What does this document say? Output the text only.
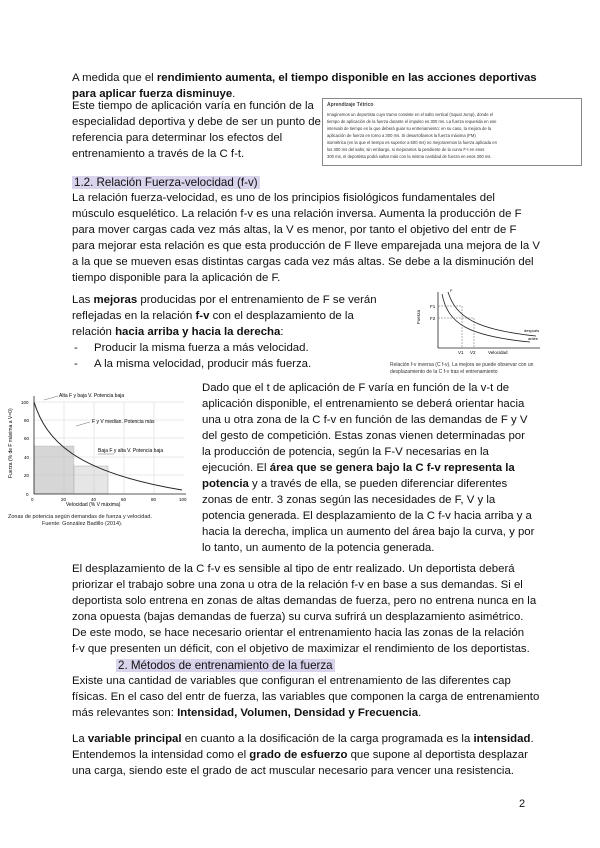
A medida que el rendimiento aumenta, el tiempo disponible en las acciones deportivas
para aplicar fuerza disminuye.
Este tiempo de aplicación varía en función de la
especialidad deportiva y debe de ser un punto de
referencia para determinar los efectos del
entrenamiento a través de la C f-t.
Aprendizaje Tétrico
Imaginemos un deportista cuyo tramo consiste en el salto vertical (Squat Jump), donde el
tiempo de aplicación de la fuerza durante el impulso es 300 ms. La fuerza requerida en ese
intervalo de tiempo es la que deberá guiar su entrenamiento: en su caso, la mejora de la
aplicación de fuerza en torno a 300 ms. Si desarrollamos la fuerza máxima (FM)
isométrica (en la que el tiempo es superior a 500 ms) no mejoraremos la fuerza aplicada en
los 300 ms del salto; sin embargo, si mejoramos la pendiente de la curva F-t en esos
300 ms, el deportista podrá saltar más con la misma cantidad de fuerza en esos 300 ms.
1.2. Relación Fuerza-velocidad (f-v)
La relación fuerza-velocidad, es uno de los principios fisiológicos fundamentales del
músculo esquelético. La relación f-v es una relación inversa. Aumenta la producción de F
para mover cargas cada vez más altas, la V es menor, por tanto el objetivo del entr de F
para mejorar esta relación es que esta producción de F lleve emparejada una mejora de la V
a la que se mueven esas distintas cargas cada vez más altas. Se debe a la disminución del
tiempo disponible para la aplicación de F.
Las mejoras producidas por el entrenamiento de F se verán
reflejadas en la relación f-v con el desplazamiento de la
relación hacia arriba y hacia la derecha:
- Producir la misma fuerza a más velocidad.
- A la misma velocidad, producir más fuerza.
Fuerza
F1
F2
V1 V2	Velocidad
después
antes
F
Relación f-v inversa (C f-v). La mejora se puede observar con un
desplazamiento de la C f-v tras el entrenamiento
Fuerza (% de F máxima a V=0)
Velocidad (% V máxima)
0	20	40	60	80	100
0
20
40
60
80
100
Alta F y baja V. Potencia baja
F y V median. Potencia más
Baja F y alta V. Potencia baja
Zonas de potencia según demandas de fuerza y velocidad.
Fuente: González Badillo (2014).
Dado que el t de aplicación de F varía en función de la v-t de
aplicación disponible, el entrenamiento se deberá orientar hacia
una u otra zona de la C f-v en función de las demandas de F y V
del gesto de competición. Estas zonas vienen determinadas por
la producción de potencia, según la F-V necesarias en la
ejecución. El área que se genera bajo la C f-v representa la
potencia y a través de ella, se pueden diferenciar diferentes
zonas de entr. 3 zonas según las necesidades de F, V y la
potencia generada. El desplazamiento de la C f-v hacia arriba y a
hacia la derecha, implica un aumento del área bajo la curva, y por
lo tanto, un aumento de la potencia generada.
El desplazamiento de la C f-v es sensible al tipo de entr realizado. Un deportista deberá
priorizar el trabajo sobre una zona u otra de la relación f-v en base a sus demandas. Si el
deportista solo entrena en zonas de altas demandas de fuerza, pero no entrena nunca en la
zona opuesta (bajas demandas de fuerza) su curva sufrirá un desplazamiento asimétrico.
De este modo, se hace necesario orientar el entrenamiento hacia las zonas de la relación
f-v que presenten un déficit, con el objetivo de maximizar el rendimiento de los deportistas.
2. Métodos de entrenamiento de la fuerza
Existe una cantidad de variables que configuran el entrenamiento de las diferentes cap
físicas. En el caso del entr de fuerza, las variables que componen la carga de entrenamiento
más relevantes son: Intensidad, Volumen, Densidad y Frecuencia.
La variable principal en cuanto a la dosificación de la carga programada es la intensidad.
Entendemos la intensidad como el grado de esfuerzo que supone al deportista desplazar
una carga, siendo este el grado de act muscular necesario para vencer una resistencia.
2
